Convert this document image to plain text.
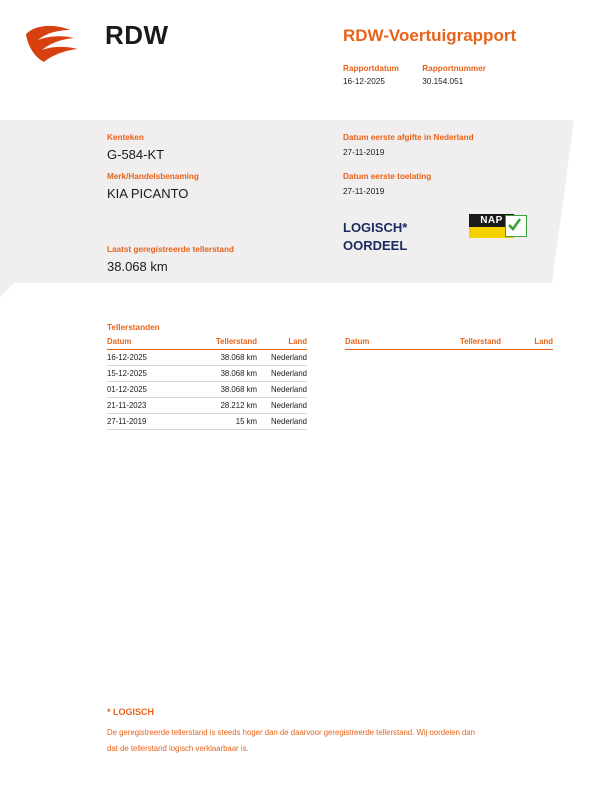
RDW	RDW-Voertuigrapport
Rapportdatum
16-12-2025

Rapportnummer
30.154.051
Kenteken
G-584-KT
Merk/Handelsbenaming
KIA PICANTO
Laatst geregistreerde tellerstand
38.068 km
Datum eerste afgifte in Nederland
27-11-2019
Datum eerste toelating
27-11-2019
LOGISCH*
OORDEEL
NAP
Tellerstanden
Datum	Tellerstand	Land
16-12-2025	38.068 km	Nederland
15-12-2025	38.068 km	Nederland
01-12-2025	38.068 km	Nederland
21-11-2023	28.212 km	Nederland
27-11-2019	15 km	Nederland
Datum	Tellerstand	Land
* LOGISCH
De geregistreerde tellerstand is steeds hoger dan de daarvoor geregistreerde tellerstand. Wij oordelen dan
dat de tellerstand logisch verklaarbaar is.
